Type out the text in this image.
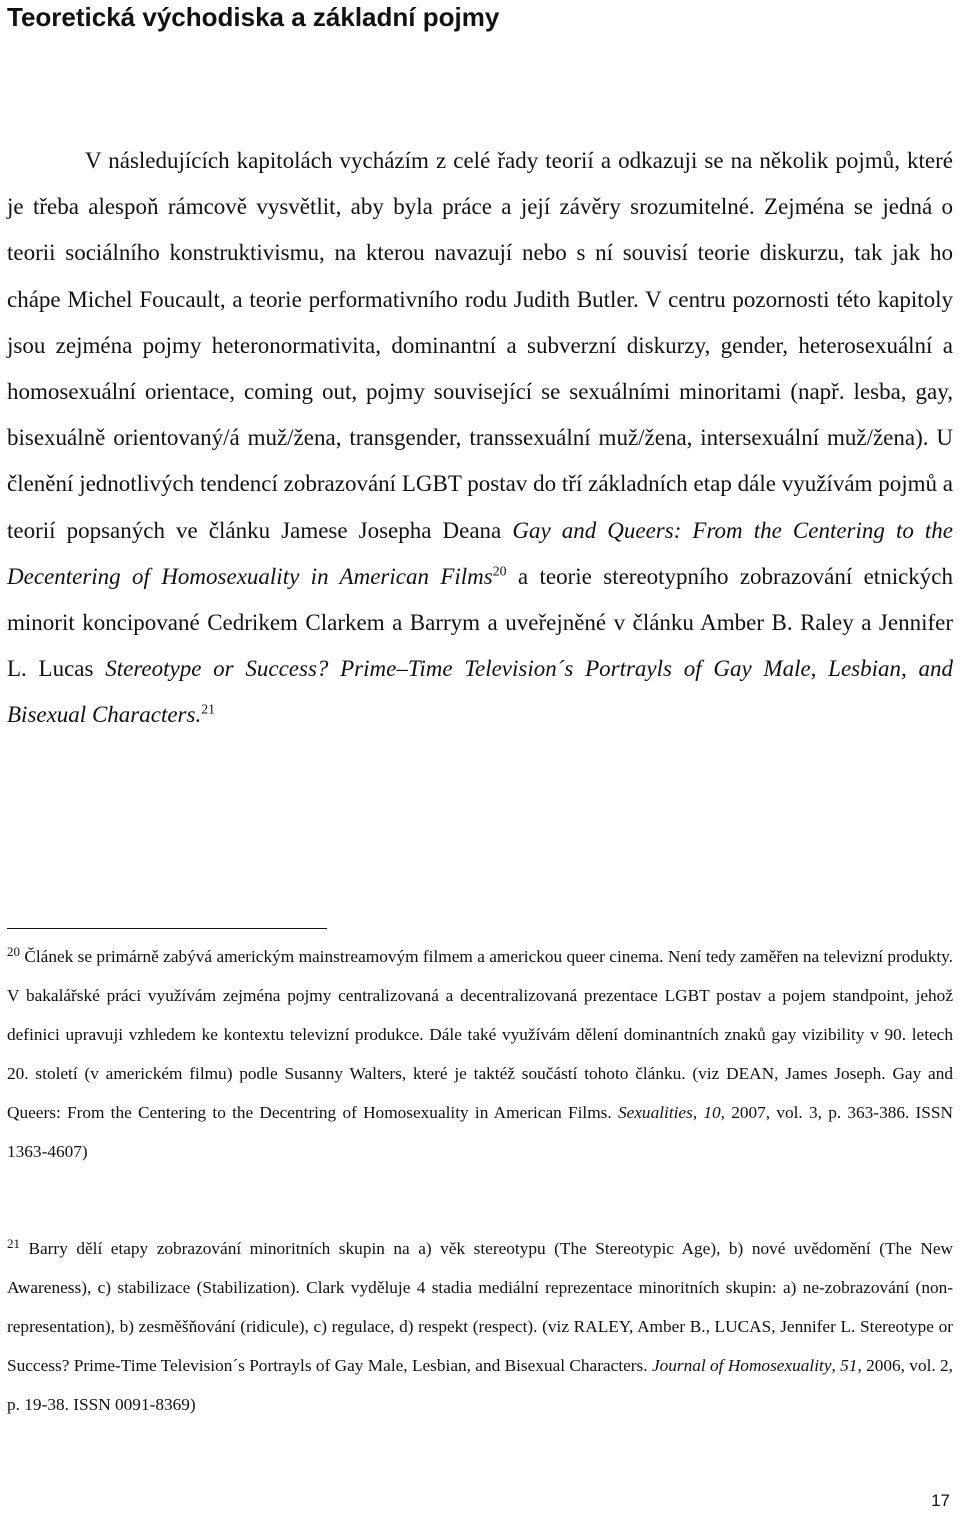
Teoretická východiska a základní pojmy

V následujících kapitolách vycházím z celé řady teorií a odkazuji se na několik pojmů, které je třeba alespoň rámcově vysvětlit, aby byla práce a její závěry srozumitelné. Zejména se jedná o teorii sociálního konstruktivismu, na kterou navazují nebo s ní souvisí teorie diskurzu, tak jak ho chápe Michel Foucault, a teorie performativního rodu Judith Butler. V centru pozornosti této kapitoly jsou zejména pojmy heteronormativita, dominantní a subverzní diskurzy, gender, heterosexuální a homosexuální orientace, coming out, pojmy související se sexuálními minoritami (např. lesba, gay, bisexuálně orientovaný/á muž/žena, transgender, transsexuální muž/žena, intersexuální muž/žena). U členění jednotlivých tendencí zobrazování LGBT postav do tří základních etap dále využívám pojmů a teorií popsaných ve článku Jamese Josepha Deana Gay and Queers: From the Centering to the Decentering of Homosexuality in American Films$^{20}$ a teorie stereotypního zobrazování etnických minorit koncipované Cedrikem Clarkem a Barrym a uveřejněné v článku Amber B. Raley a Jennifer L. Lucas Stereotype or Success? Prime–Time Television´s Portrayls of Gay Male, Lesbian, and Bisexual Characters.$^{21}$

$^{20}$ Článek se primárně zabývá americkým mainstreamovým filmem a americkou queer cinema. Není tedy zaměřen na televizní produkty. V bakalářské práci využívám zejména pojmy centralizovaná a decentralizovaná prezentace LGBT postav a pojem standpoint, jehož definici upravuji vzhledem ke kontextu televizní produkce. Dále také využívám dělení dominantních znaků gay vizibility v 90. letech 20. století (v americkém filmu) podle Susanny Walters, které je taktéž součástí tohoto článku. (viz DEAN, James Joseph. Gay and Queers: From the Centering to the Decentring of Homosexuality in American Films. Sexualities, 10, 2007, vol. 3, p. 363-386. ISSN 1363-4607)

$^{21}$ Barry dělí etapy zobrazování minoritních skupin na a) věk stereotypu (The Stereotypic Age), b) nové uvědomění (The New Awareness), c) stabilizace (Stabilization). Clark vyděluje 4 stadia mediální reprezentace minoritních skupin: a) ne-zobrazování (non-representation), b) zesměšňování (ridicule), c) regulace, d) respekt (respect). (viz RALEY, Amber B., LUCAS, Jennifer L. Stereotype or Success? Prime-Time Television´s Portrayls of Gay Male, Lesbian, and Bisexual Characters. Journal of Homosexuality, 51, 2006, vol. 2, p. 19-38. ISSN 0091-8369)

17
